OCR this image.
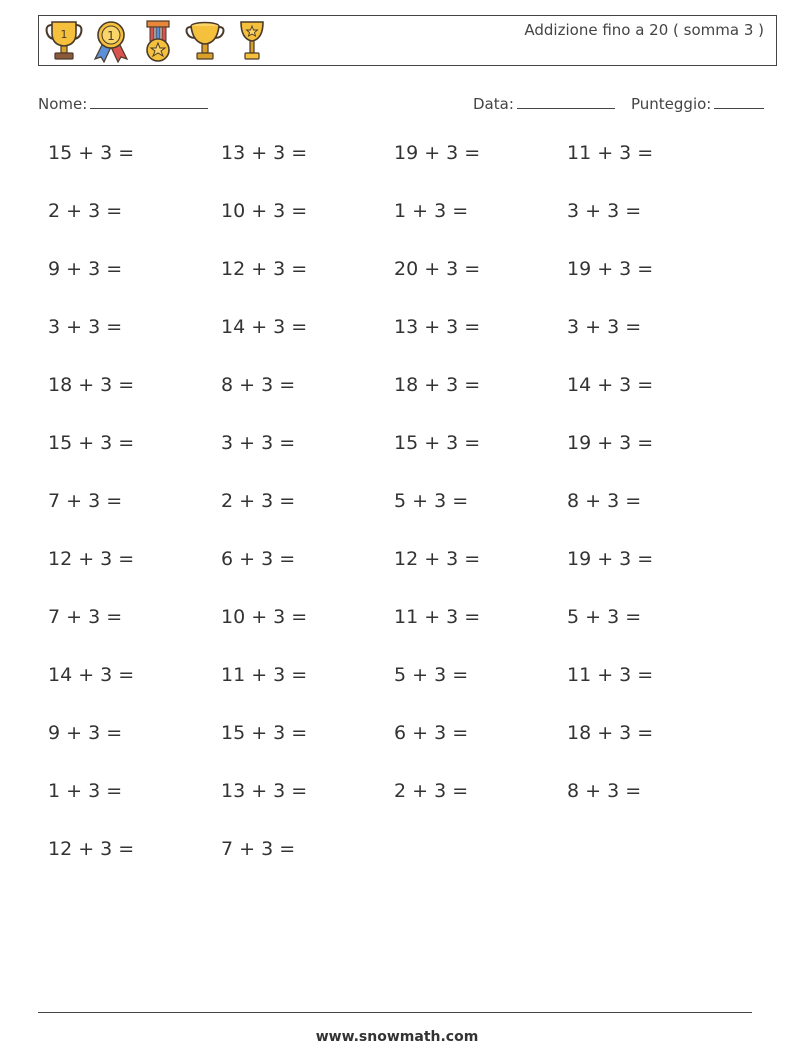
1	1	Addizione fino a 20 ( somma 3 )
Nome:	Data:	Punteggio:
15 + 3 =	13 + 3 =	19 + 3 =	11 + 3 =
2 + 3 =	10 + 3 =	1 + 3 =	3 + 3 =
9 + 3 =	12 + 3 =	20 + 3 =	19 + 3 =
3 + 3 =	14 + 3 =	13 + 3 =	3 + 3 =
18 + 3 =	8 + 3 =	18 + 3 =	14 + 3 =
15 + 3 =	3 + 3 =	15 + 3 =	19 + 3 =
7 + 3 =	2 + 3 =	5 + 3 =	8 + 3 =
12 + 3 =	6 + 3 =	12 + 3 =	19 + 3 =
7 + 3 =	10 + 3 =	11 + 3 =	5 + 3 =
14 + 3 =	11 + 3 =	5 + 3 =	11 + 3 =
9 + 3 =	15 + 3 =	6 + 3 =	18 + 3 =
1 + 3 =	13 + 3 =	2 + 3 =	8 + 3 =
12 + 3 =	7 + 3 =
www.snowmath.com
